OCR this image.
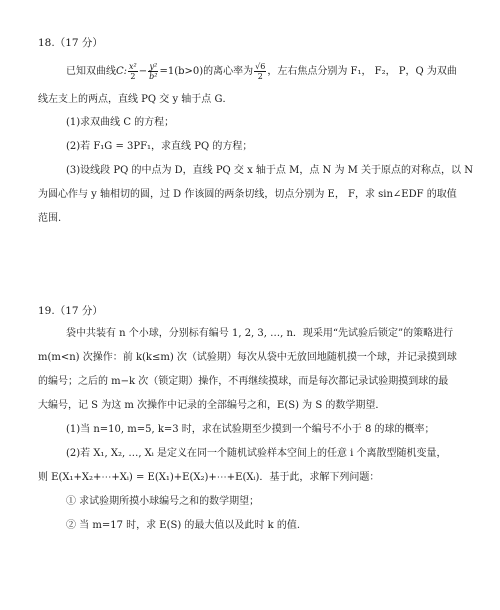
18.（17 分）
已知双曲线C: $\frac{\text{x²}}{2} - \frac{\text{y²}}{\text{b²}} =1(b>0)$的离心率为 $\frac{√6}{2}$ ，左右焦点分别为 F₁， F₂， P，Q 为双曲
线左支上的两点，直线 PQ 交 y 轴于点 G．
(1)求双曲线 C 的方程；
(2)若 F₁G = 3PF₁，求直线 PQ 的方程；
(3)设线段 PQ 的中点为 D，直线 PQ 交 x 轴于点 M，点 N 为 M 关于原点的对称点，以 N
为圆心作与 y 轴相切的圆，过 D 作该圆的两条切线，切点分别为 E， F，求 sin∠EDF 的取值
范围.
19.（17 分）
袋中共装有 n 个小球，分别标有编号 1, 2, 3, …, n．现采用“先试验后锁定”的策略进行
m(m<n) 次操作：前 k(k≤m) 次（试验期）每次从袋中无放回地随机摸一个球，并记录摸到球
的编号；之后的 m−k 次（锁定期）操作，不再继续摸球，而是每次都记录试验期摸到球的最
大编号，记 S 为这 m 次操作中记录的全部编号之和，E(S) 为 S 的数学期望．
(1)当 n=10, m=5, k=3 时，求在试验期至少摸到一个编号不小于 8 的球的概率；
(2)若 X₁, X₂, …, Xᵢ 是定义在同一个随机试验样本空间上的任意 i 个离散型随机变量，
则 E(X₁+X₂+⋯+Xᵢ) = E(X₁)+E(X₂)+⋯+E(Xᵢ)．基于此，求解下列问题：
① 求试验期所摸小球编号之和的数学期望；
② 当 m=17 时，求 E(S) 的最大值以及此时 k 的值.
